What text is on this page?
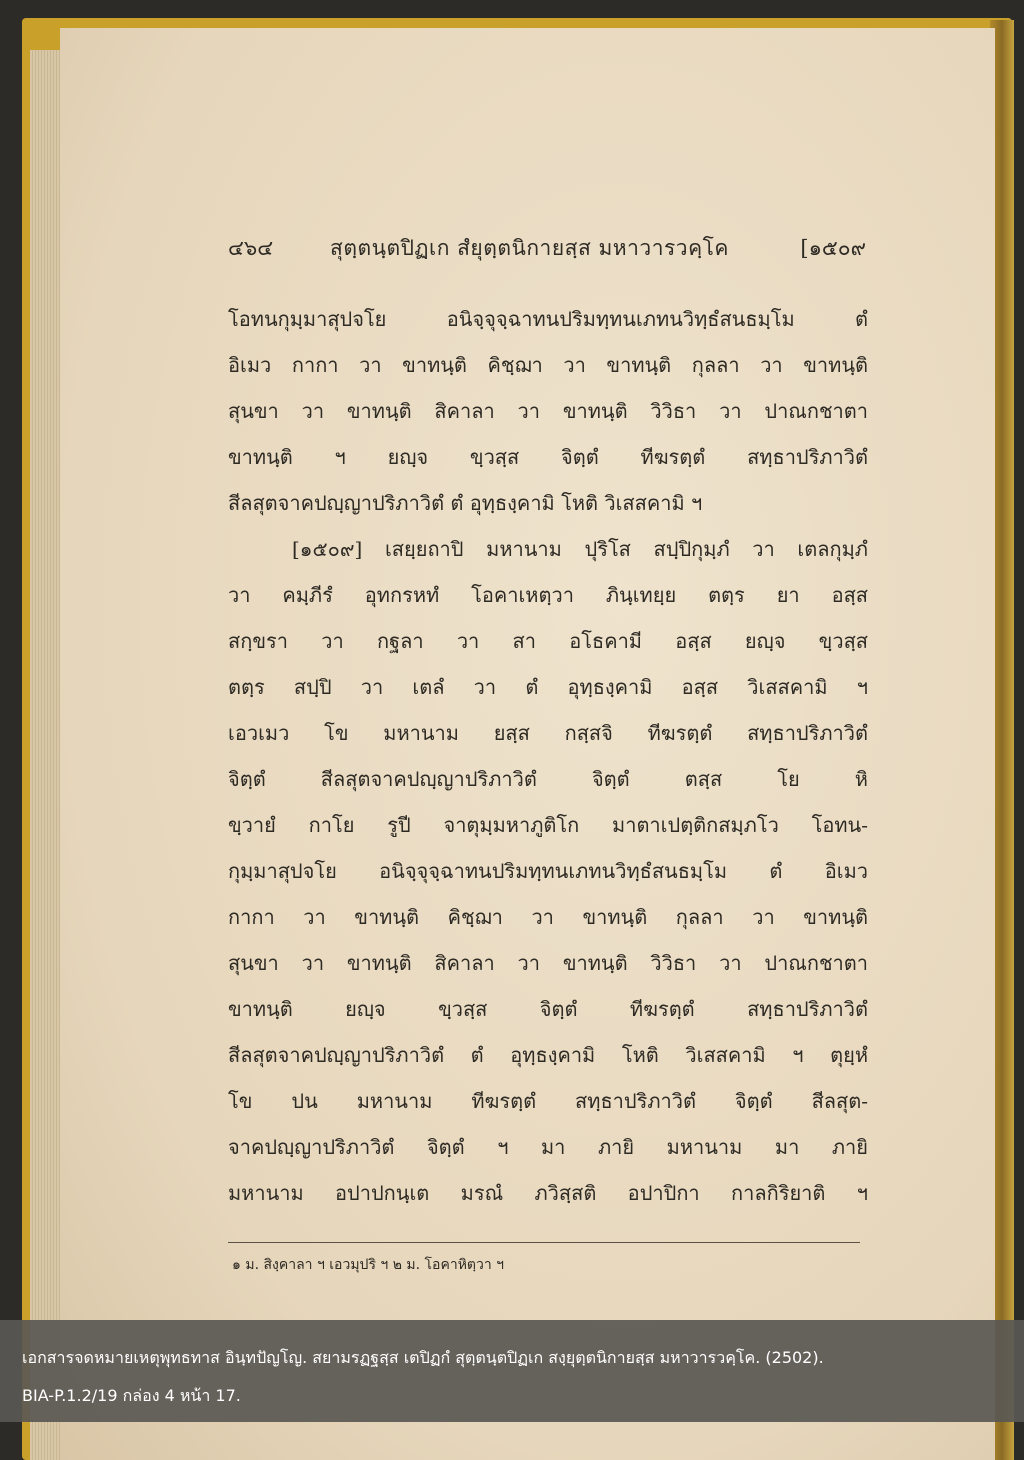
๔๖๔	สุตฺตนฺตปิฏเก สํยุตฺตนิกายสฺส มหาวารวคฺโค	[๑๕๐๙
โอทนกุมฺมาสุปจโย อนิจฺจุจฺฉาทนปริมทฺทนเภทนวิทฺธํสนธมฺโม ตํ
อิเมว กากา วา ขาทนฺติ คิชฺฌา วา ขาทนฺติ กุลลา วา ขาทนฺติ
สุนขา วา ขาทนฺติ สิคาลา วา ขาทนฺติ วิวิธา วา ปาณกชาตา
ขาทนฺติ ฯ ยญฺจ ขฺวสฺส จิตฺตํ ทีฆรตฺตํ สทฺธาปริภาวิตํ
สีลสุตจาคปญฺญาปริภาวิตํ ตํ อุทฺธงฺคามิ โหติ วิเสสคามิ ฯ
[๑๕๐๙] เสยฺยถาปิ มหานาม ปุริโส สปฺปิกุมฺภํ วา เตลกุมฺภํ
วา คมฺภีรํ อุทกรหทํ โอคาเหตฺวา ภินฺเทยฺย ตตฺร ยา อสฺส
สกฺขรา วา กฐลา วา สา อโธคามี อสฺส ยญฺจ ขฺวสฺส
ตตฺร สปฺปิ วา เตลํ วา ตํ อุทฺธงฺคามิ อสฺส วิเสสคามิ ฯ
เอวเมว โข มหานาม ยสฺส กสฺสจิ ทีฆรตฺตํ สทฺธาปริภาวิตํ
จิตฺตํ สีลสุตจาคปญฺญาปริภาวิตํ จิตฺตํ ตสฺส โย หิ
ขฺวายํ กาโย รูปี จาตุมฺมหาภูติโก มาตาเปตฺติกสมฺภโว โอทน-
กุมฺมาสุปจโย อนิจฺจุจฺฉาทนปริมทฺทนเภทนวิทฺธํสนธมฺโม ตํ อิเมว
กากา วา ขาทนฺติ คิชฺฌา วา ขาทนฺติ กุลลา วา ขาทนฺติ
สุนขา วา ขาทนฺติ สิคาลา วา ขาทนฺติ วิวิธา วา ปาณกชาตา
ขาทนฺติ ยญฺจ ขฺวสฺส จิตฺตํ ทีฆรตฺตํ สทฺธาปริภาวิตํ
สีลสุตจาคปญฺญาปริภาวิตํ ตํ อุทฺธงฺคามิ โหติ วิเสสคามิ ฯ ตุยฺหํ
โข ปน มหานาม ทีฆรตฺตํ สทฺธาปริภาวิตํ จิตฺตํ สีลสุต-
จาคปญฺญาปริภาวิตํ จิตฺตํ ฯ มา ภายิ มหานาม มา ภายิ
มหานาม อปาปกนฺเต มรณํ ภวิสฺสติ อปาปิกา กาลกิริยาติ ฯ
๑ ม. สิงฺคาลา ฯ เอวมุปริ ฯ ๒ ม. โอคาหิตฺวา ฯ
เอกสารจดหมายเหตุพุทธทาส อินฺทปัญโญ. สยามรฏฐสฺส เตปิฏกํ สุตฺตนฺตปิฏเก สงฺยุตฺตนิกายสฺส มหาวารวคฺโค. (2502).
BIA-P.1.2/19 กล่อง 4 หน้า 17.
